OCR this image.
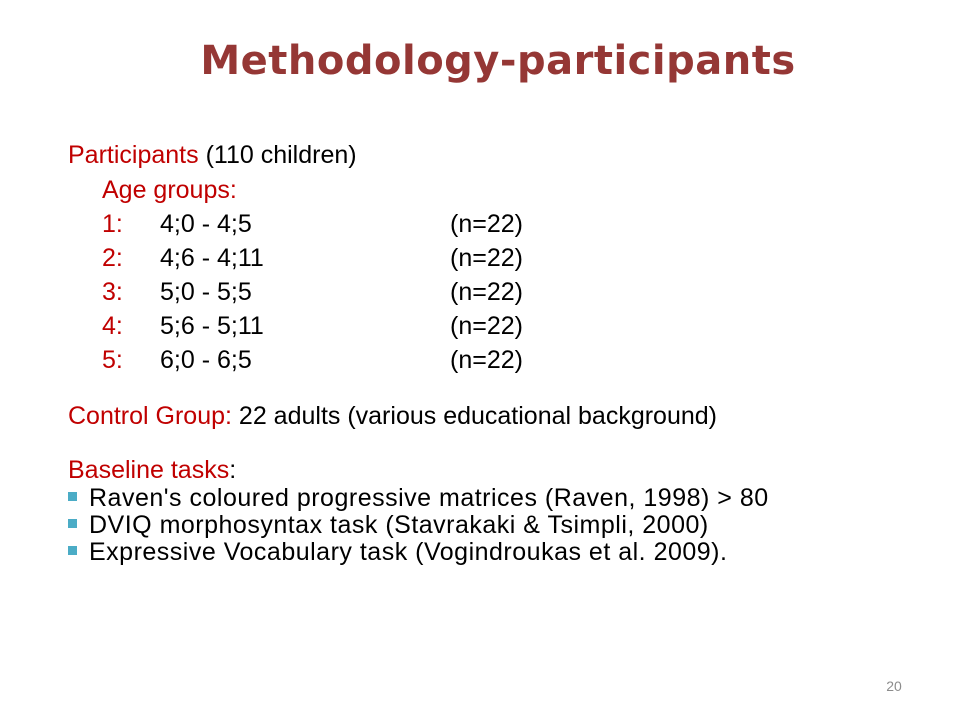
Methodology-participants
Participants (110 children)
Age groups:
1: 4;0 - 4;5	(n=22)
2: 4;6 - 4;11	(n=22)
3: 5;0 - 5;5	(n=22)
4: 5;6 - 5;11	(n=22)
5: 6;0 - 6;5	(n=22)
Control Group: 22 adults (various educational background)
Baseline tasks:
Raven's coloured progressive matrices (Raven, 1998) > 80
DVIQ morphosyntax task (Stavrakaki & Tsimpli, 2000)
Expressive Vocabulary task (Vogindroukas et al. 2009).
20
